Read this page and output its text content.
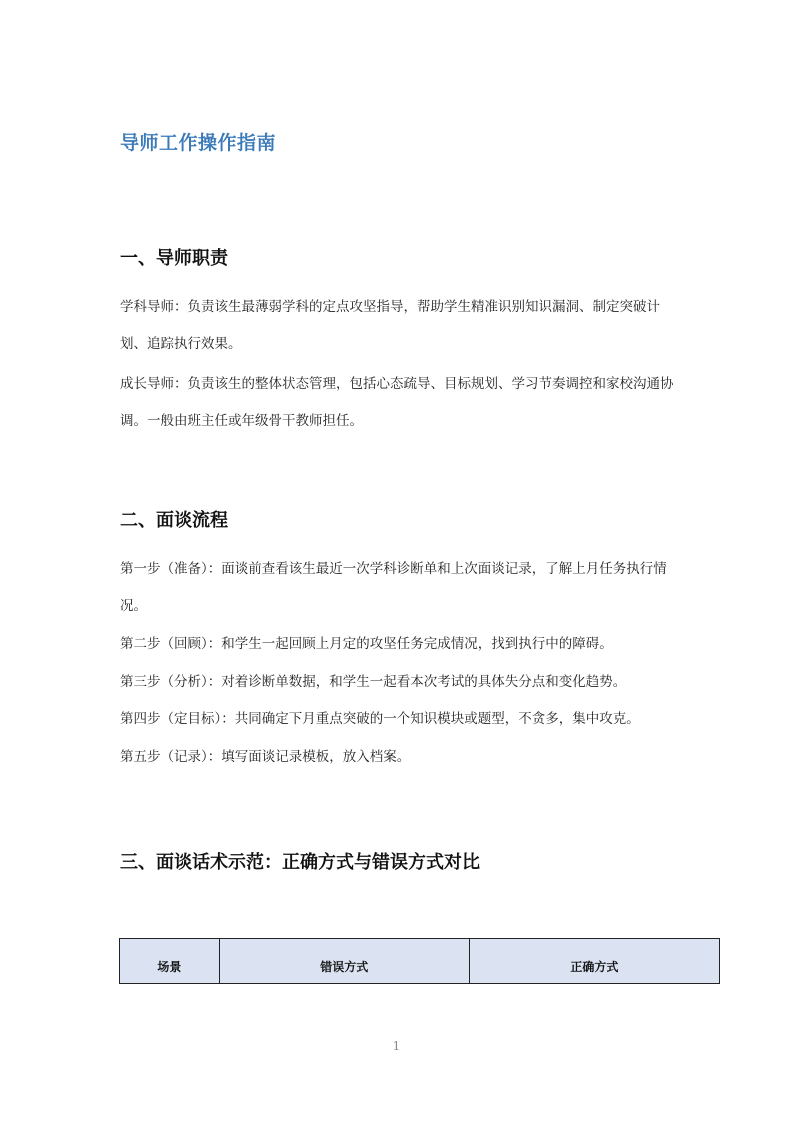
导师工作操作指南
一、导师职责

学科导师：负责该生最薄弱学科的定点攻坚指导，帮助学生精准识别知识漏洞、制定突破计划、追踪执行效果。

成长导师：负责该生的整体状态管理，包括心态疏导、目标规划、学习节奏调控和家校沟通协调。一般由班主任或年级骨干教师担任。

二、面谈流程

第一步（准备）：面谈前查看该生最近一次学科诊断单和上次面谈记录，了解上月任务执行情况。

第二步（回顾）：和学生一起回顾上月定的攻坚任务完成情况，找到执行中的障碍。

第三步（分析）：对着诊断单数据，和学生一起看本次考试的具体失分点和变化趋势。

第四步（定目标）：共同确定下月重点突破的一个知识模块或题型，不贪多，集中攻克。

第五步（记录）：填写面谈记录模板，放入档案。

三、面谈话术示范：正确方式与错误方式对比
场景	错误方式	正确方式
1
